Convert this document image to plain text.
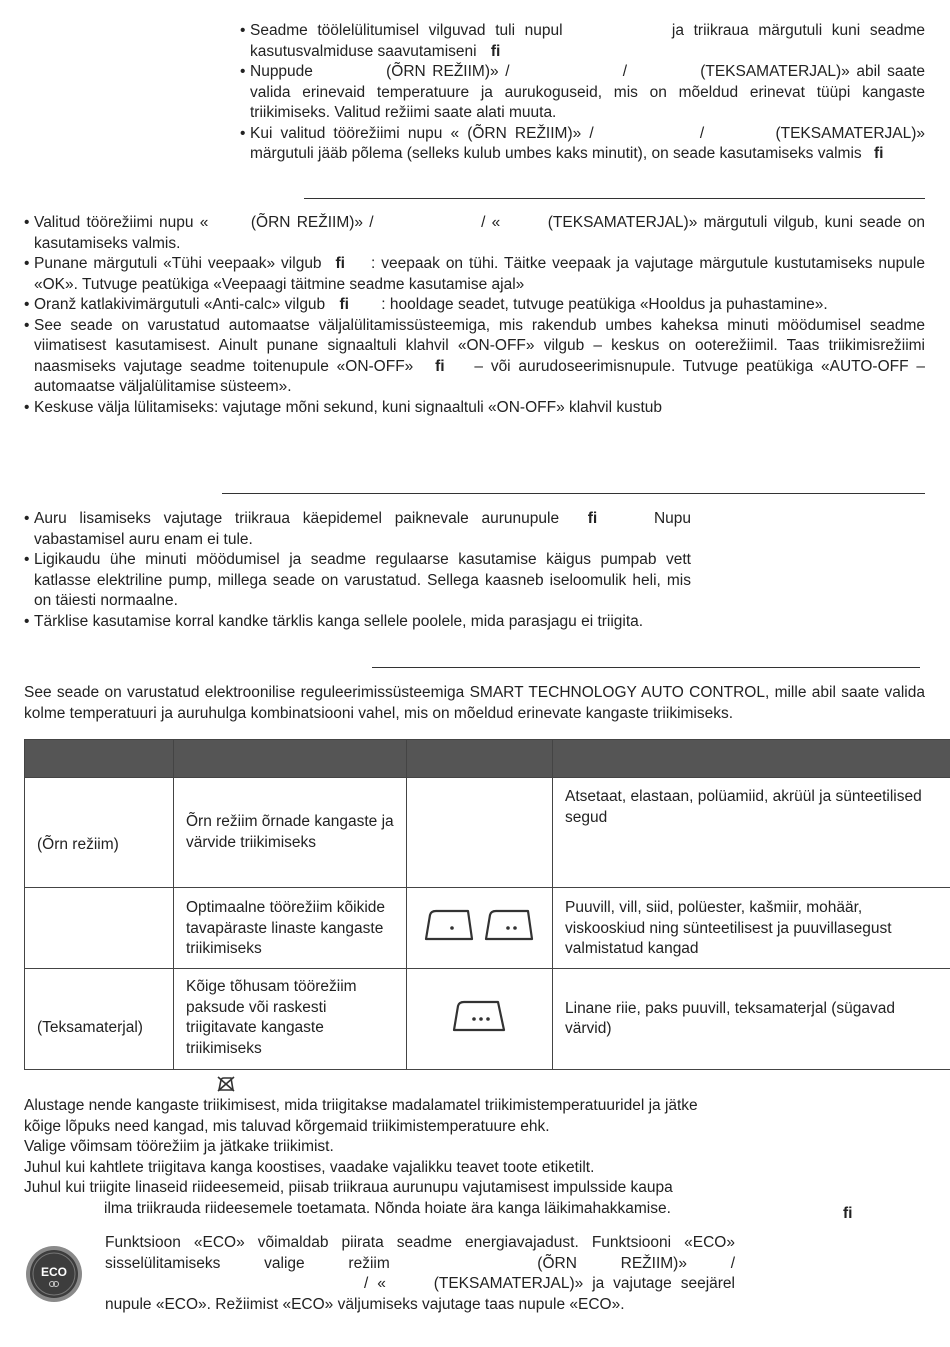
• Seadme töölelülitumisel vilguvad tuli nupul	ja triikraua märgutuli kuni seadme kasutusvalmiduse saavutamiseni ﬁ

• Nuppude	(ÕRN REŽIIM)» /	/	(TEKSAMATERJAL)» abil saate valida erinevaid temperatuure ja aurukoguseid, mis on mõeldud erinevat tüüpi kangaste triikimiseks. Valitud režiimi saate alati muuta.

• Kui valitud töörežiimi nupu « (ÕRN REŽIIM)» /	/	(TEKSAMATERJAL)» märgutuli jääb põlema (selleks kulub umbes kaks minutit), on seade kasutamiseks valmis ﬁ

• Valitud töörežiimi nupu «	(ÕRN REŽIIM)» /	/ «	(TEKSAMATERJAL)» märgutuli vilgub, kuni seade on kasutamiseks valmis.

• Punane märgutuli «Tühi veepaak» vilgub ﬁ : veepaak on tühi. Täitke veepaak ja vajutage märgutule kustutamiseks nupule «OK». Tutvuge peatükiga «Veepaagi täitmine seadme kasutamise ajal»

• Oranž katlakivimärgutuli «Anti-calc» vilgub ﬁ : hooldage seadet, tutvuge peatükiga «Hooldus ja puhastamine».

• See seade on varustatud automaatse väljalülitamissüsteemiga, mis rakendub umbes kaheksa minuti möödumisel seadme viimatisest kasutamisest. Ainult punane signaaltuli klahvil «ON-OFF» vilgub – keskus on ooterežiimil. Taas triikimisrežiimi naasmiseks vajutage seadme toitenupule «ON-OFF» ﬁ – või aurudoseerimisnupule. Tutvuge peatükiga «AUTO-OFF – automaatse väljalülitamise süsteem».

• Keskuse välja lülitamiseks: vajutage mõni sekund, kuni signaaltuli «ON-OFF» klahvil kustub

• Auru lisamiseks vajutage triikraua käepidemel paiknevale aurunupule ﬁ	Nupu vabastamisel auru enam ei tule.

• Ligikaudu ühe minuti möödumisel ja seadme regulaarse kasutamise käigus pumpab vett katlasse elektriline pump, millega seade on varustatud. Sellega kaasneb iseloomulik heli, mis on täiesti normaalne.

• Tärklise kasutamise korral kandke tärklis kanga sellele poolele, mida parasjagu ei triigita.

See seade on varustatud elektroonilise reguleerimissüsteemiga SMART TECHNOLOGY AUTO CONTROL, mille abil saate valida kolme temperatuuri ja auruhulga kombinatsiooni vahel, mis on mõeldud erinevate kangaste triikimiseks.

(Õrn režiim)	Õrn režiim õrnade kangaste ja värvide triikimiseks		Atsetaat, elastaan, polüamiid, akrüül ja sünteetilised segud

	Optimaalne töörežiim kõikide tavapäraste linaste kangaste triikimiseks		Puuvill, vill, siid, polüester, kašmiir, mohäär, viskooskiud ning sünteetilisest ja puuvillasegust valmistatud kangad

(Teksamaterjal)	Kõige tõhusam töörežiim paksude või raskesti triigitavate kangaste triikimiseks		Linane riie, paks puuvill, teksamaterjal (sügavad värvid)

Alustage nende kangaste triikimisest, mida triigitakse madalamatel triikimistemperatuuridel ja jätke kõige lõpuks need kangad, mis taluvad kõrgemaid triikimistemperatuure ehk.

Valige võimsam töörežiim ja jätkake triikimist.

Juhul kui kahtlete triigitava kanga koostises, vaadake vajalikku teavet toote etiketilt.

Juhul kui triigite linaseid riideesemeid, piisab triikraua aurunupu vajutamisest impulsside kaupa

ilma triikrauda riideesemele toetamata. Nõnda hoiate ära kanga läikimahakkamise.	ﬁ
ECO

Funktsioon «ECO» võimaldab piirata seadme energiavajadust. Funktsiooni «ECO» sisselülitamiseks valige režiim	(ÕRN REŽIIM)» /  / «	(TEKSAMATERJAL)» ja vajutage seejärel nupule «ECO». Režiimist «ECO» väljumiseks vajutage taas nupule «ECO».
